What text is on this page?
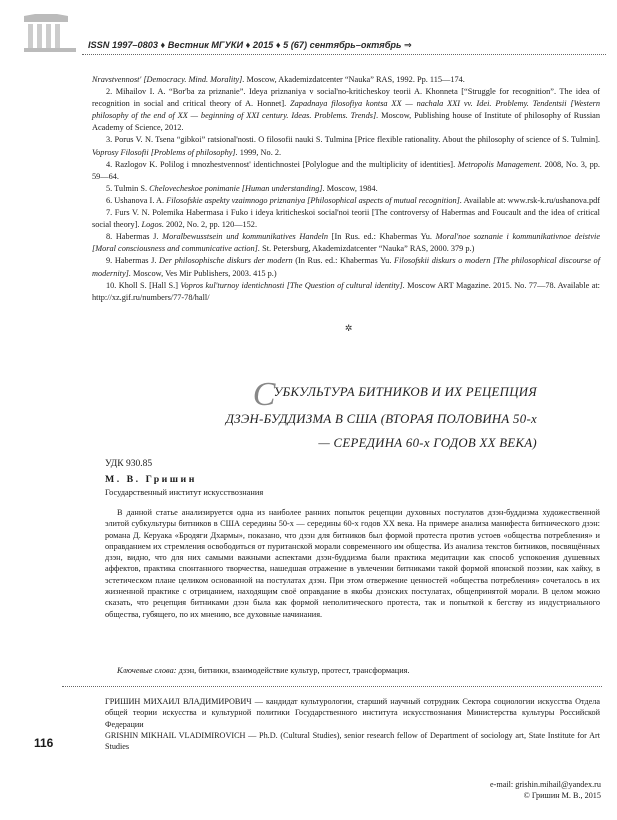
ISSN 1997–0803 ♦ Вестник МГУКИ ♦ 2015 ♦ 5 (67) сентябрь–октябрь ⇒

Nravstvennost' [Democracy. Mind. Morality]. Moscow, Akademizdatcenter “Nauka” RAS, 1992. Pp. 115—174.

2. Mihailov I. A. “Bor'ba za priznanie”. Ideya priznaniya v social'no-kriticheskoy teorii A. Khonneta [“Struggle for recognition”. The idea of recognition in social and critical theory of A. Honnet]. Zapadnaya filosofiya kontsa XX — nachala XXI vv. Idei. Problemy. Tendentsii [Western philosophy of the end of XX — beginning of XXI century. Ideas. Problems. Trends]. Moscow, Publishing house of Institute of philosophy of Russian Academy of Science, 2012.

3. Porus V. N. Tsena “gibkoi” ratsional'nosti. O filosofii nauki S. Tulmina [Price flexible rationality. About the philosophy of science of S. Tulmin]. Voprosy Filosofii [Problems of philosophy]. 1999, No. 2.

4. Razlogov K. Polilog i mnozhestvennost' identichnostei [Polylogue and the multiplicity of identities]. Metropolis Management. 2008, No. 3, pp. 59—64.

5. Tulmin S. Chelovecheskoe ponimanie [Human understanding]. Moscow, 1984.

6. Ushanova I. A. Filosofskie aspekty vzaimnogo priznaniya [Philosophical aspects of mutual recognition]. Available at: www.rsk-k.ru/ushanova.pdf

7. Furs V. N. Polemika Habermasa i Fuko i ideya kriticheskoi social'noi teorii [The controversy of Habermas and Foucault and the idea of critical social theory]. Logos. 2002, No. 2, pp. 120—152.

8. Habermas J. Moralbewusstsein und kommunikatives Handeln [In Rus. ed.: Khabermas Yu. Moral'noe soznanie i kommunikativnoe deistvie [Moral consciousness and communicative action]. St. Petersburg, Akademizdatcenter “Nauka” RAS, 2000. 379 p.)

9. Habermas J. Der philosophische diskurs der modern (In Rus. ed.: Khabermas Yu. Filosofskii diskurs o modern [The philosophical discourse of modernity]. Moscow, Ves Mir Publishers, 2003. 415 p.)

10. Kholl S. [Hall S.] Vopros kul'turnoy identichnosti [The Question of cultural identity]. Moscow ART Magazine. 2015. No. 77—78. Available at: http://xz.gif.ru/numbers/77-78/hall/

✲
СУБКУЛЬТУРА БИТНИКОВ И ИХ РЕЦЕПЦИЯ
ДЗЭН-БУДДИЗМА В США (ВТОРАЯ ПОЛОВИНА 50-х
— СЕРЕДИНА 60-х ГОДОВ XX ВЕКА)
УДК 930.85
М. В. Гришин
Государственный институт искусствознания

В данной статье анализируется одна из наиболее ранних попыток рецепции духовных постулатов дзэн-буддизма художественной элитой субкультуры битников в США середины 50-х — середины 60-х годов XX века. На примере анализа манифеста битнического дзэн: романа Д. Керуака «Бродяги Дхармы», показано, что дзэн для битников был формой протеста против устоев «общества потребления» и оправданием их стремления освободиться от пуританской морали современного им общества. Из анализа текстов битников, посвящённых дзэн, видно, что для них самыми важными аспектами дзэн-буддизма были практика медитации как способ успокоения душевных аффектов, практика спонтанного творчества, нашедшая отражение в увлечении битниками такой формой японской поэзии, как хайку, в эстетическом плане целиком основанной на постулатах дзэн. При этом отвержение ценностей «общества потребления» сочеталось в их жизненной практике с отрицанием, находящим своё оправдание в якобы дзэнских постулатах, общепринятой морали. В целом можно сказать, что рецепция битниками дзэн была как формой неполитического протеста, так и попыткой к бегству из индустриального общества, губящего, по их мнению, все духовные начинания.

Ключевые слова: дзэн, битники, взаимодействие культур, протест, трансформация.

ГРИШИН МИХАИЛ ВЛАДИМИРОВИЧ — кандидат культурологии, старший научный сотрудник Сектора социологии искусства Отдела общей теории искусства и культурной политики Государственного института искусствознания Министерства культуры Российской Федерации

GRISHIN MIKHAIL VLADIMIROVICH — Ph.D. (Cultural Studies), senior research fellow of Department of sociology art, State Institute for Art Studies

116
e-mail: grishin.mihail@yandex.ru
© Гришин М. В., 2015
